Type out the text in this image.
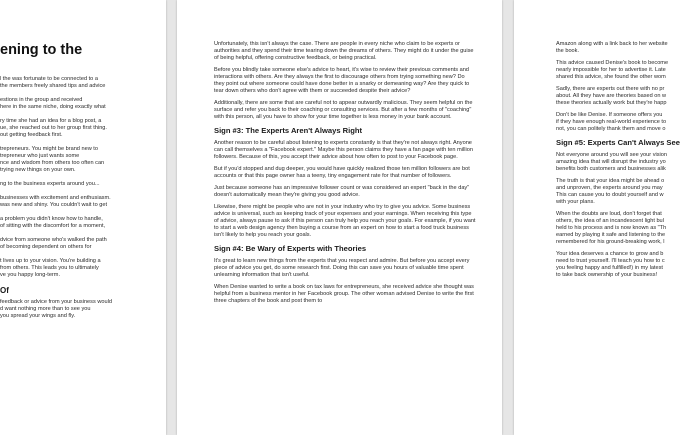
ening to the

l the was fortunate to be connected to a
the members freely shared tips and advice

estions in the group and received
here in the same niche, doing exactly what

ry time she had an idea for a blog post, a
ue, she reached out to her group first thing.
out getting feedback first.

trepreneurs. You might be brand new to
trepreneur who just wants some
nce and wisdom from others too often can
trying new things on your own.

ng to the business experts around you...

businesses with excitement and enthusiasm.
was new and shiny. You couldn't wait to get

a problem you didn't know how to handle,
of sitting with the discomfort for a moment,

dvice from someone who's walked the path
of becoming dependent on others for

t lives up to your vision. You're building a
from others. This leads you to ultimately
ve you happy long-term.

Of

feedback or advice from your business would
d want nothing more than to see you
you spread your wings and fly.

Unfortunately, this isn't always the case. There are people in every niche who claim to be experts or authorities and they spend their time tearing down the dreams of others. They might do it under the guise of being helpful, offering constructive feedback, or being practical.

Before you blindly take someone else's advice to heart, it's wise to review their previous comments and interactions with others. Are they always the first to discourage others from trying something new? Do they point out where someone could have done better in a snarky or demeaning way? Are they quick to tear down others who don't agree with them or succeeded despite their advice?

Additionally, there are some that are careful not to appear outwardly malicious. They seem helpful on the surface and refer you back to their coaching or consulting services. But after a few months of "coaching" with this person, all you have to show for your time together is less money in your bank account.

Sign #3: The Experts Aren't Always Right

Another reason to be careful about listening to experts constantly is that they're not always right. Anyone can call themselves a "Facebook expert." Maybe this person claims they have a fan page with ten million followers. Because of this, you accept their advice about how often to post to your Facebook page.

But if you'd stopped and dug deeper, you would have quickly realized those ten million followers are bot accounts or that this page owner has a teeny, tiny engagement rate for that number of followers.

Just because someone has an impressive follower count or was considered an expert "back in the day" doesn't automatically mean they're giving you good advice.

Likewise, there might be people who are not in your industry who try to give you advice. Some business advice is universal, such as keeping track of your expenses and your earnings. When receiving this type of advice, always pause to ask if this person can truly help you reach your goals. For example, if you want to start a web design agency then buying a course from an expert on how to start a food truck business isn't likely to help you reach your goals.

Sign #4: Be Wary of Experts with Theories

It's great to learn new things from the experts that you respect and admire. But before you accept every piece of advice you get, do some research first. Doing this can save you hours of valuable time spent unlearning information that isn't useful.

When Denise wanted to write a book on tax laws for entrepreneurs, she received advice she thought was helpful from a business mentor in her Facebook group. The other woman advised Denise to write the first three chapters of the book and post them to

Amazon along with a link back to her website
the book.

This advice caused Denise's book to become
nearly impossible for her to advertise it. Late
shared this advice, she found the other wom

Sadly, there are experts out there with no pr
about. All they have are theories based on w
these theories actually work but they're happ

Don't be like Denise. If someone offers you
if they have enough real-world experience to
not, you can politely thank them and move o

Sign #5: Experts Can't Always See

Not everyone around you will see your vision
amazing idea that will disrupt the industry yo
benefits both customers and businesses alik

The truth is that your idea might be ahead o
and unproven, the experts around you may
This can cause you to doubt yourself and w
with your plans.

When the doubts are loud, don't forget that
others, the idea of an incandescent light bul
held to his process and is now known as "Th
earned by playing it safe and listening to the
remembered for his ground-breaking work, l

Your idea deserves a chance to grow and b
need to trust yourself. I'll teach you how to c
you feeling happy and fulfilled!) in my latest
to take back ownership of your business!
